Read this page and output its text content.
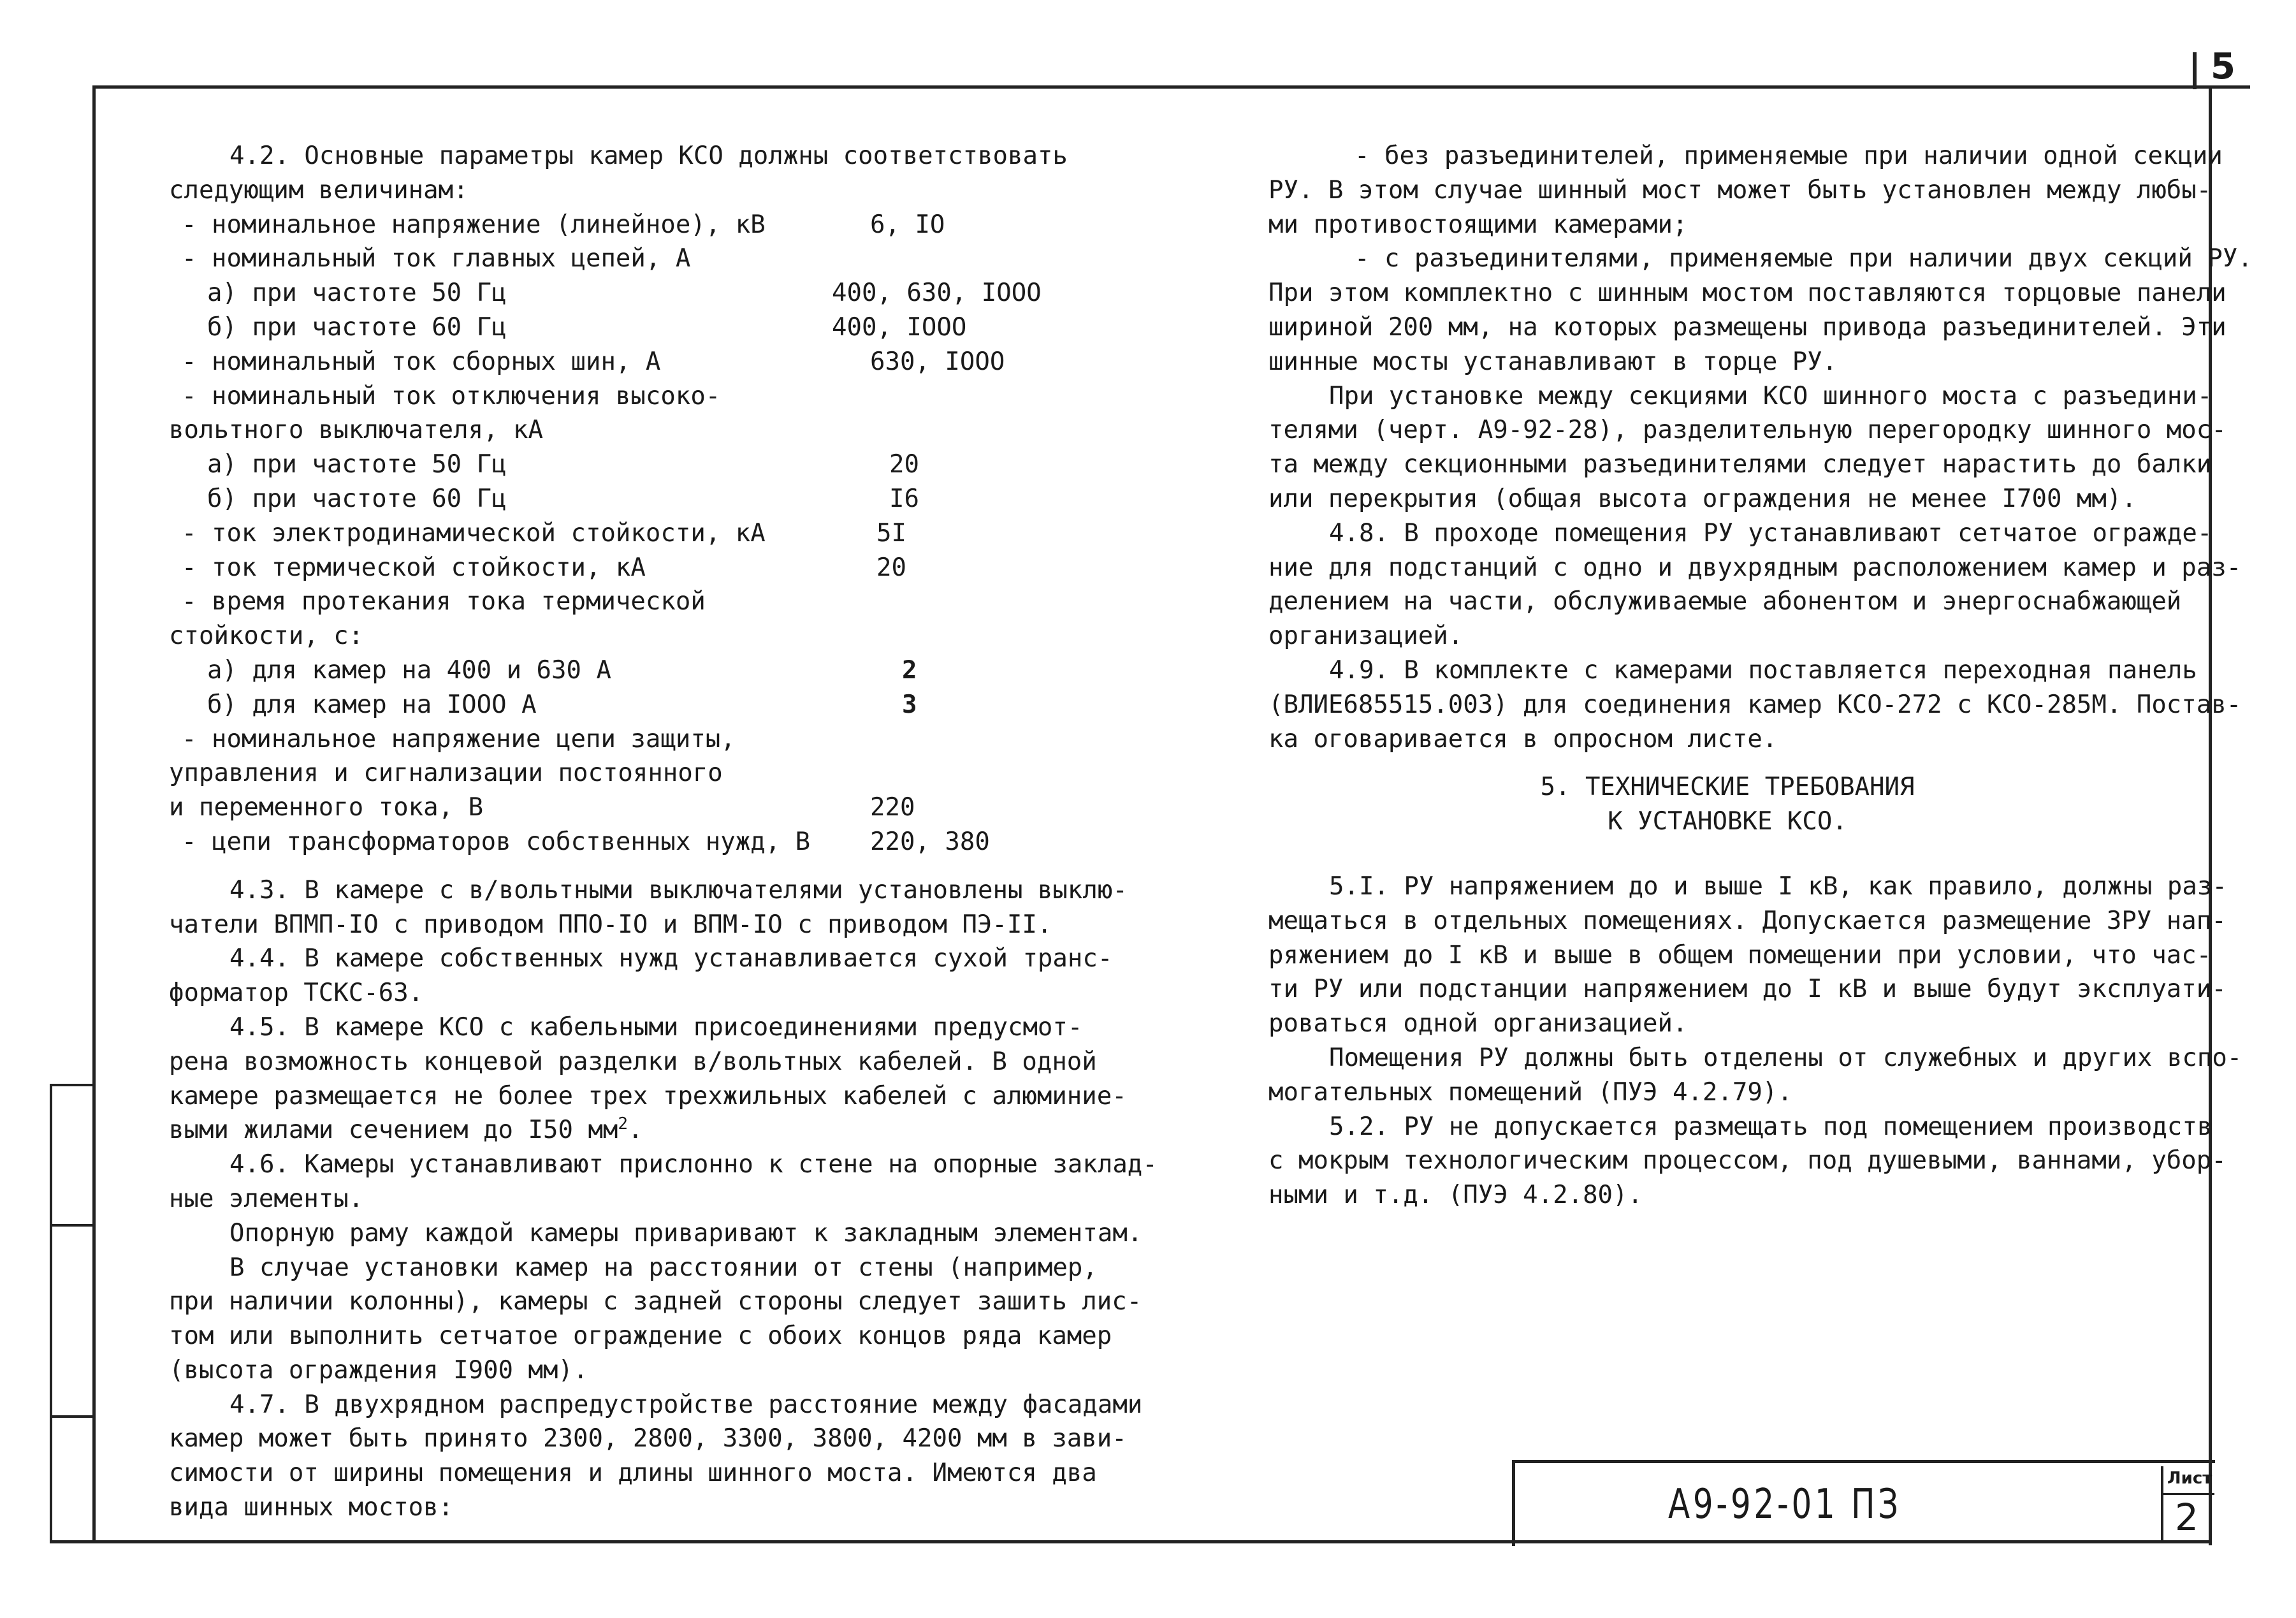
5
4.2. Основные параметры камер КСО должны соответствовать
следующим величинам:
- номинальное напряжение (линейное), кВ	6, IO
- номинальный ток главных цепей, А
а) при частоте 50 Гц	400, 630, IOOO
б) при частоте 60 Гц	400, IOOO
- номинальный ток сборных шин, А	630, IOOO
- номинальный ток отключения высоко-
вольтного выключателя, кА
а) при частоте 50 Гц	20
б) при частоте 60 Гц	I6
- ток электродинамической стойкости, кА	5I
- ток термической стойкости, кА	20
- время протекания тока термической
стойкости, с:
а) для камер на 400 и 630 А	2
б) для камер на IOOO А	3
- номинальное напряжение цепи защиты,
управления и сигнализации постоянного
и переменного тока, В	220
- цепи трансформаторов собственных нужд, В 220, 380
4.3. В камере с в/вольтными выключателями установлены выклю-
чатели ВПМП-IO с приводом ППО-IO и ВПМ-IO с приводом ПЭ-II.
4.4. В камере собственных нужд устанавливается сухой транс-
форматор ТСКС-63.
4.5. В камере КСО с кабельными присоединениями предусмот-
рена возможность концевой разделки в/вольтных кабелей. В одной
камере размещается не более трех трехжильных кабелей с алюминие-
выми жилами сечением до I50 $мм^2$.
4.6. Камеры устанавливают прислонно к стене на опорные заклад-
ные элементы.
Опорную раму каждой камеры приваривают к закладным элементам.
В случае установки камер на расстоянии от стены (например,
при наличии колонны), камеры с задней стороны следует зашить лис-
том или выполнить сетчатое ограждение с обоих концов ряда камер
(высота ограждения I900 мм).
4.7. В двухрядном распредустройстве расстояние между фасадами
камер может быть принято 2300, 2800, 3300, 3800, 4200 мм в зави-
симости от ширины помещения и длины шинного моста. Имеются два
вида шинных мостов:
- без разъединителей, применяемые при наличии одной секции
РУ. В этом случае шинный мост может быть установлен между любы-
ми противостоящими камерами;
- с разъединителями, применяемые при наличии двух секций РУ.
При этом комплектно с шинным мостом поставляются торцовые панели
шириной 200 мм, на которых размещены привода разъединителей. Эти
шинные мосты устанавливают в торце РУ.
При установке между секциями КСО шинного моста с разъедини-
телями (черт. А9-92-28), разделительную перегородку шинного мос-
та между секционными разъединителями следует нарастить до балки
или перекрытия (общая высота ограждения не менее I700 мм).
4.8. В проходе помещения РУ устанавливают сетчатое огражде-
ние для подстанций с одно и двухрядным расположением камер и раз-
делением на части, обслуживаемые абонентом и энергоснабжающей
организацией.
4.9. В комплекте с камерами поставляется переходная панель
(ВЛИЕ685515.003) для соединения камер КСО-272 с КСО-285М. Постав-
ка оговаривается в опросном листе.
5. ТЕХНИЧЕСКИЕ ТРЕБОВАНИЯ
К УСТАНОВКЕ КСО.
5.I. РУ напряжением до и выше I кВ, как правило, должны раз-
мещаться в отдельных помещениях. Допускается размещение ЗРУ нап-
ряжением до I кВ и выше в общем помещении при условии, что час-
ти РУ или подстанции напряжением до I кВ и выше будут эксплуати-
роваться одной организацией.
Помещения РУ должны быть отделены от служебных и других вспо-
могательных помещений (ПУЭ 4.2.79).
5.2. РУ не допускается размещать под помещением производств
с мокрым технологическим процессом, под душевыми, ваннами, убор-
ными и т.д. (ПУЭ 4.2.80).
А9-92-01 ПЗ
Лист
2
